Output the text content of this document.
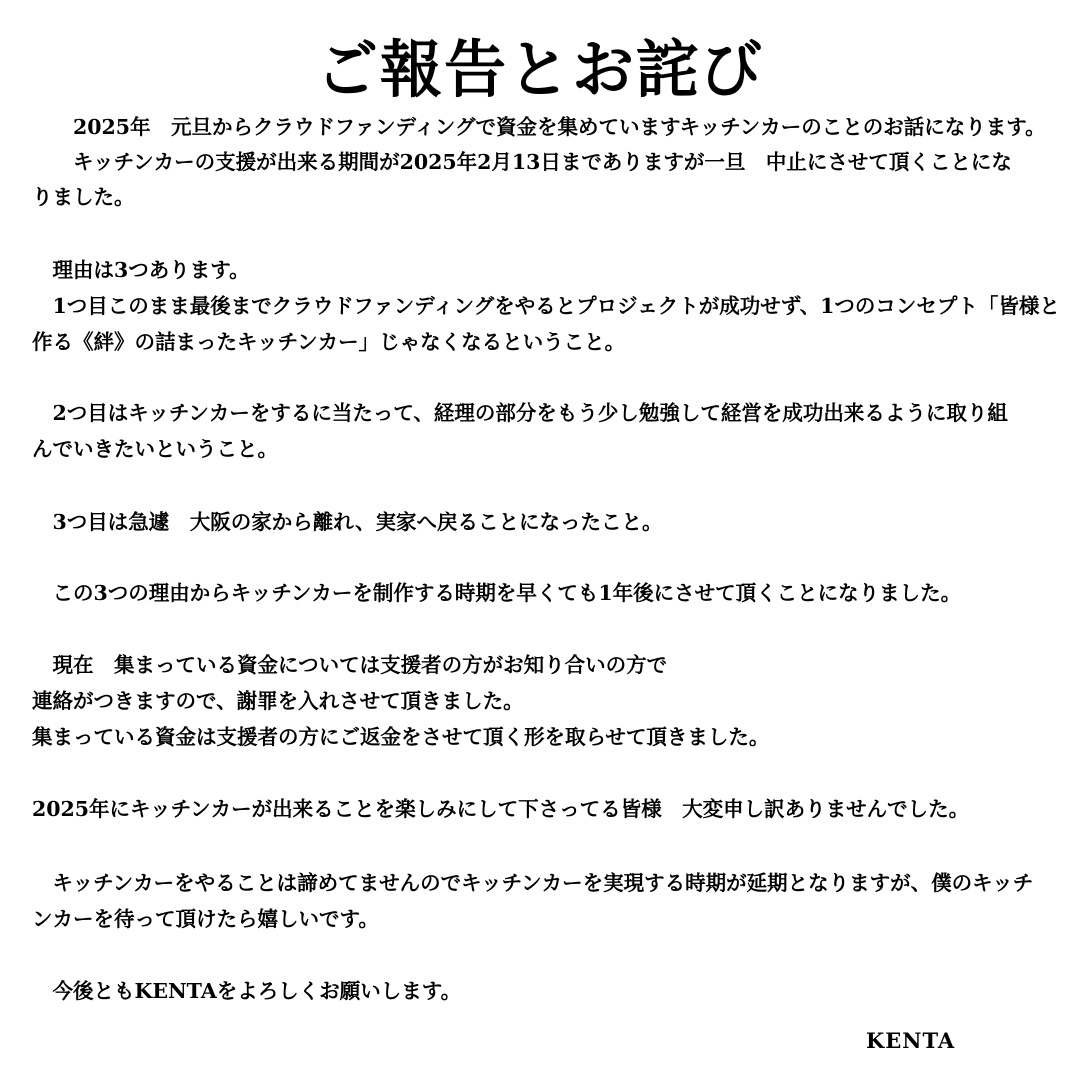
ご報告とお詫び
　　2025年　元旦からクラウドファンディングで資金を集めていますキッチンカーのことのお話になります。
　　キッチンカーの支援が出来る期間が2025年2月13日までありますが一旦　中止にさせて頂くことにな
りました。
　理由は3つあります。
　1つ目このまま最後までクラウドファンディングをやるとプロジェクトが成功せず、1つのコンセプト「皆様と
作る《絆》の詰まったキッチンカー」じゃなくなるということ。
　2つ目はキッチンカーをするに当たって、経理の部分をもう少し勉強して経営を成功出来るように取り組
んでいきたいということ。
　3つ目は急遽　大阪の家から離れ、実家へ戻ることになったこと。
　この3つの理由からキッチンカーを制作する時期を早くても1年後にさせて頂くことになりました。
　現在　集まっている資金については支援者の方がお知り合いの方で
連絡がつきますので、謝罪を入れさせて頂きました。
集まっている資金は支援者の方にご返金をさせて頂く形を取らせて頂きました。
2025年にキッチンカーが出来ることを楽しみにして下さってる皆様　大変申し訳ありませんでした。
　キッチンカーをやることは諦めてませんのでキッチンカーを実現する時期が延期となりますが、僕のキッチ
ンカーを待って頂けたら嬉しいです。
　今後ともKENTAをよろしくお願いします。
KENTA
